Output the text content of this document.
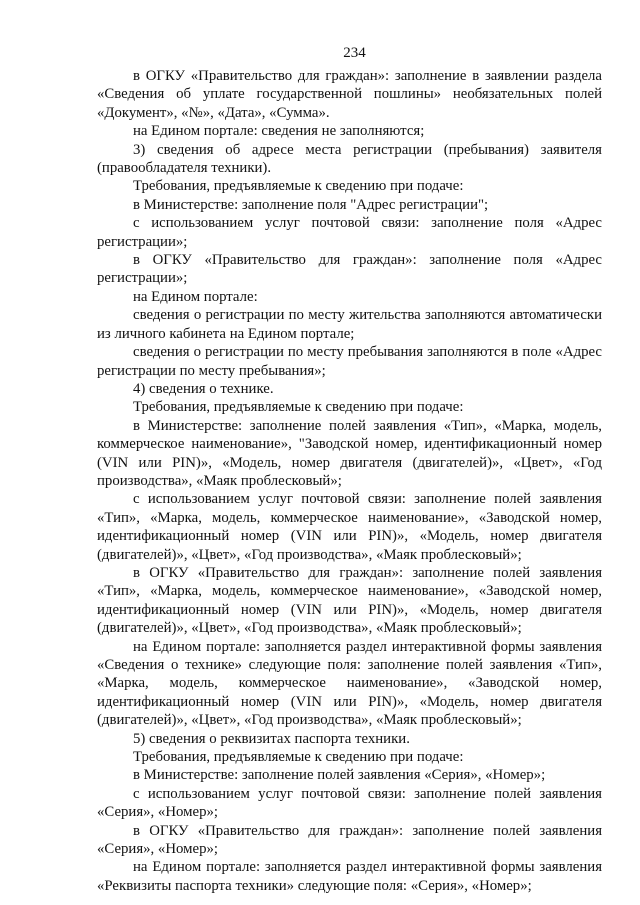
234

в ОГКУ «Правительство для граждан»: заполнение в заявлении раздела «Сведения об уплате государственной пошлины» необязательных полей «Документ», «№», «Дата», «Сумма».

на Едином портале: сведения не заполняются;

3) сведения об адресе места регистрации (пребывания) заявителя (правообладателя техники).

Требования, предъявляемые к сведению при подаче:

в Министерстве: заполнение поля "Адрес регистрации";

с использованием услуг почтовой связи: заполнение поля «Адрес регистрации»;

в ОГКУ «Правительство для граждан»: заполнение поля «Адрес регистрации»;

на Едином портале:

сведения о регистрации по месту жительства заполняются автоматически из личного кабинета на Едином портале;

сведения о регистрации по месту пребывания заполняются в поле «Адрес регистрации по месту пребывания»;

4) сведения о технике.

Требования, предъявляемые к сведению при подаче:

в Министерстве: заполнение полей заявления «Тип», «Марка, модель, коммерческое наименование», "Заводской номер, идентификационный номер (VIN или PIN)», «Модель, номер двигателя (двигателей)», «Цвет», «Год производства», «Маяк проблесковый»;

с использованием услуг почтовой связи: заполнение полей заявления «Тип», «Марка, модель, коммерческое наименование», «Заводской номер, идентификационный номер (VIN или PIN)», «Модель, номер двигателя (двигателей)», «Цвет», «Год производства», «Маяк проблесковый»;

в ОГКУ «Правительство для граждан»: заполнение полей заявления «Тип», «Марка, модель, коммерческое наименование», «Заводской номер, идентификационный номер (VIN или PIN)», «Модель, номер двигателя (двигателей)», «Цвет», «Год производства», «Маяк проблесковый»;

на Едином портале: заполняется раздел интерактивной формы заявления «Сведения о технике» следующие поля: заполнение полей заявления «Тип», «Марка, модель, коммерческое наименование», «Заводской номер, идентификационный номер (VIN или PIN)», «Модель, номер двигателя (двигателей)», «Цвет», «Год производства», «Маяк проблесковый»;

5) сведения о реквизитах паспорта техники.

Требования, предъявляемые к сведению при подаче:

в Министерстве: заполнение полей заявления «Серия», «Номер»;

с использованием услуг почтовой связи: заполнение полей заявления «Серия», «Номер»;

в ОГКУ «Правительство для граждан»: заполнение полей заявления «Серия», «Номер»;

на Едином портале: заполняется раздел интерактивной формы заявления «Реквизиты паспорта техники» следующие поля: «Серия», «Номер»;
